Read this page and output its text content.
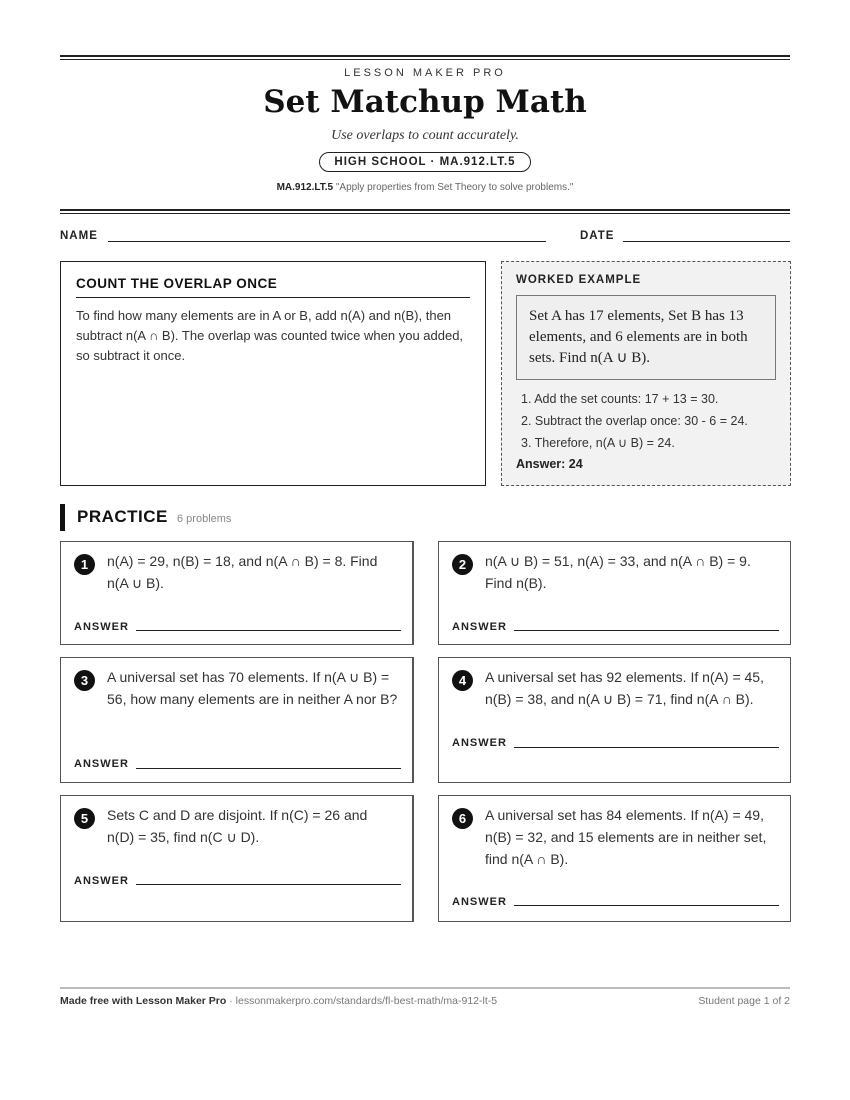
LESSON MAKER PRO
Set Matchup Math
Use overlaps to count accurately.
HIGH SCHOOL · MA.912.LT.5
MA.912.LT.5 "Apply properties from Set Theory to solve problems."
NAME	DATE
COUNT THE OVERLAP ONCE
To find how many elements are in A or B, add n(A) and n(B), then subtract n(A ∩ B). The overlap was counted twice when you added, so subtract it once.
WORKED EXAMPLE
Set A has 17 elements, Set B has 13 elements, and 6 elements are in both sets. Find n(A ∪ B).
1. Add the set counts: 17 + 13 = 30.
2. Subtract the overlap once: 30 - 6 = 24.
3. Therefore, n(A ∪ B) = 24.
Answer: 24
PRACTICE 6 problems
1	n(A) = 29, n(B) = 18, and n(A ∩ B) = 8. Find n(A ∪ B).
ANSWER
2	n(A ∪ B) = 51, n(A) = 33, and n(A ∩ B) = 9. Find n(B).
ANSWER
3	A universal set has 70 elements. If n(A ∪ B) = 56, how many elements are in neither A nor B?
ANSWER
4	A universal set has 92 elements. If n(A) = 45, n(B) = 38, and n(A ∪ B) = 71, find n(A ∩ B).
ANSWER
5	Sets C and D are disjoint. If n(C) = 26 and n(D) = 35, find n(C ∪ D).
ANSWER
6	A universal set has 84 elements. If n(A) = 49, n(B) = 32, and 15 elements are in neither set, find n(A ∩ B).
ANSWER
Made free with Lesson Maker Pro · lessonmakerpro.com/standards/fl-best-math/ma-912-lt-5	Student page 1 of 2
